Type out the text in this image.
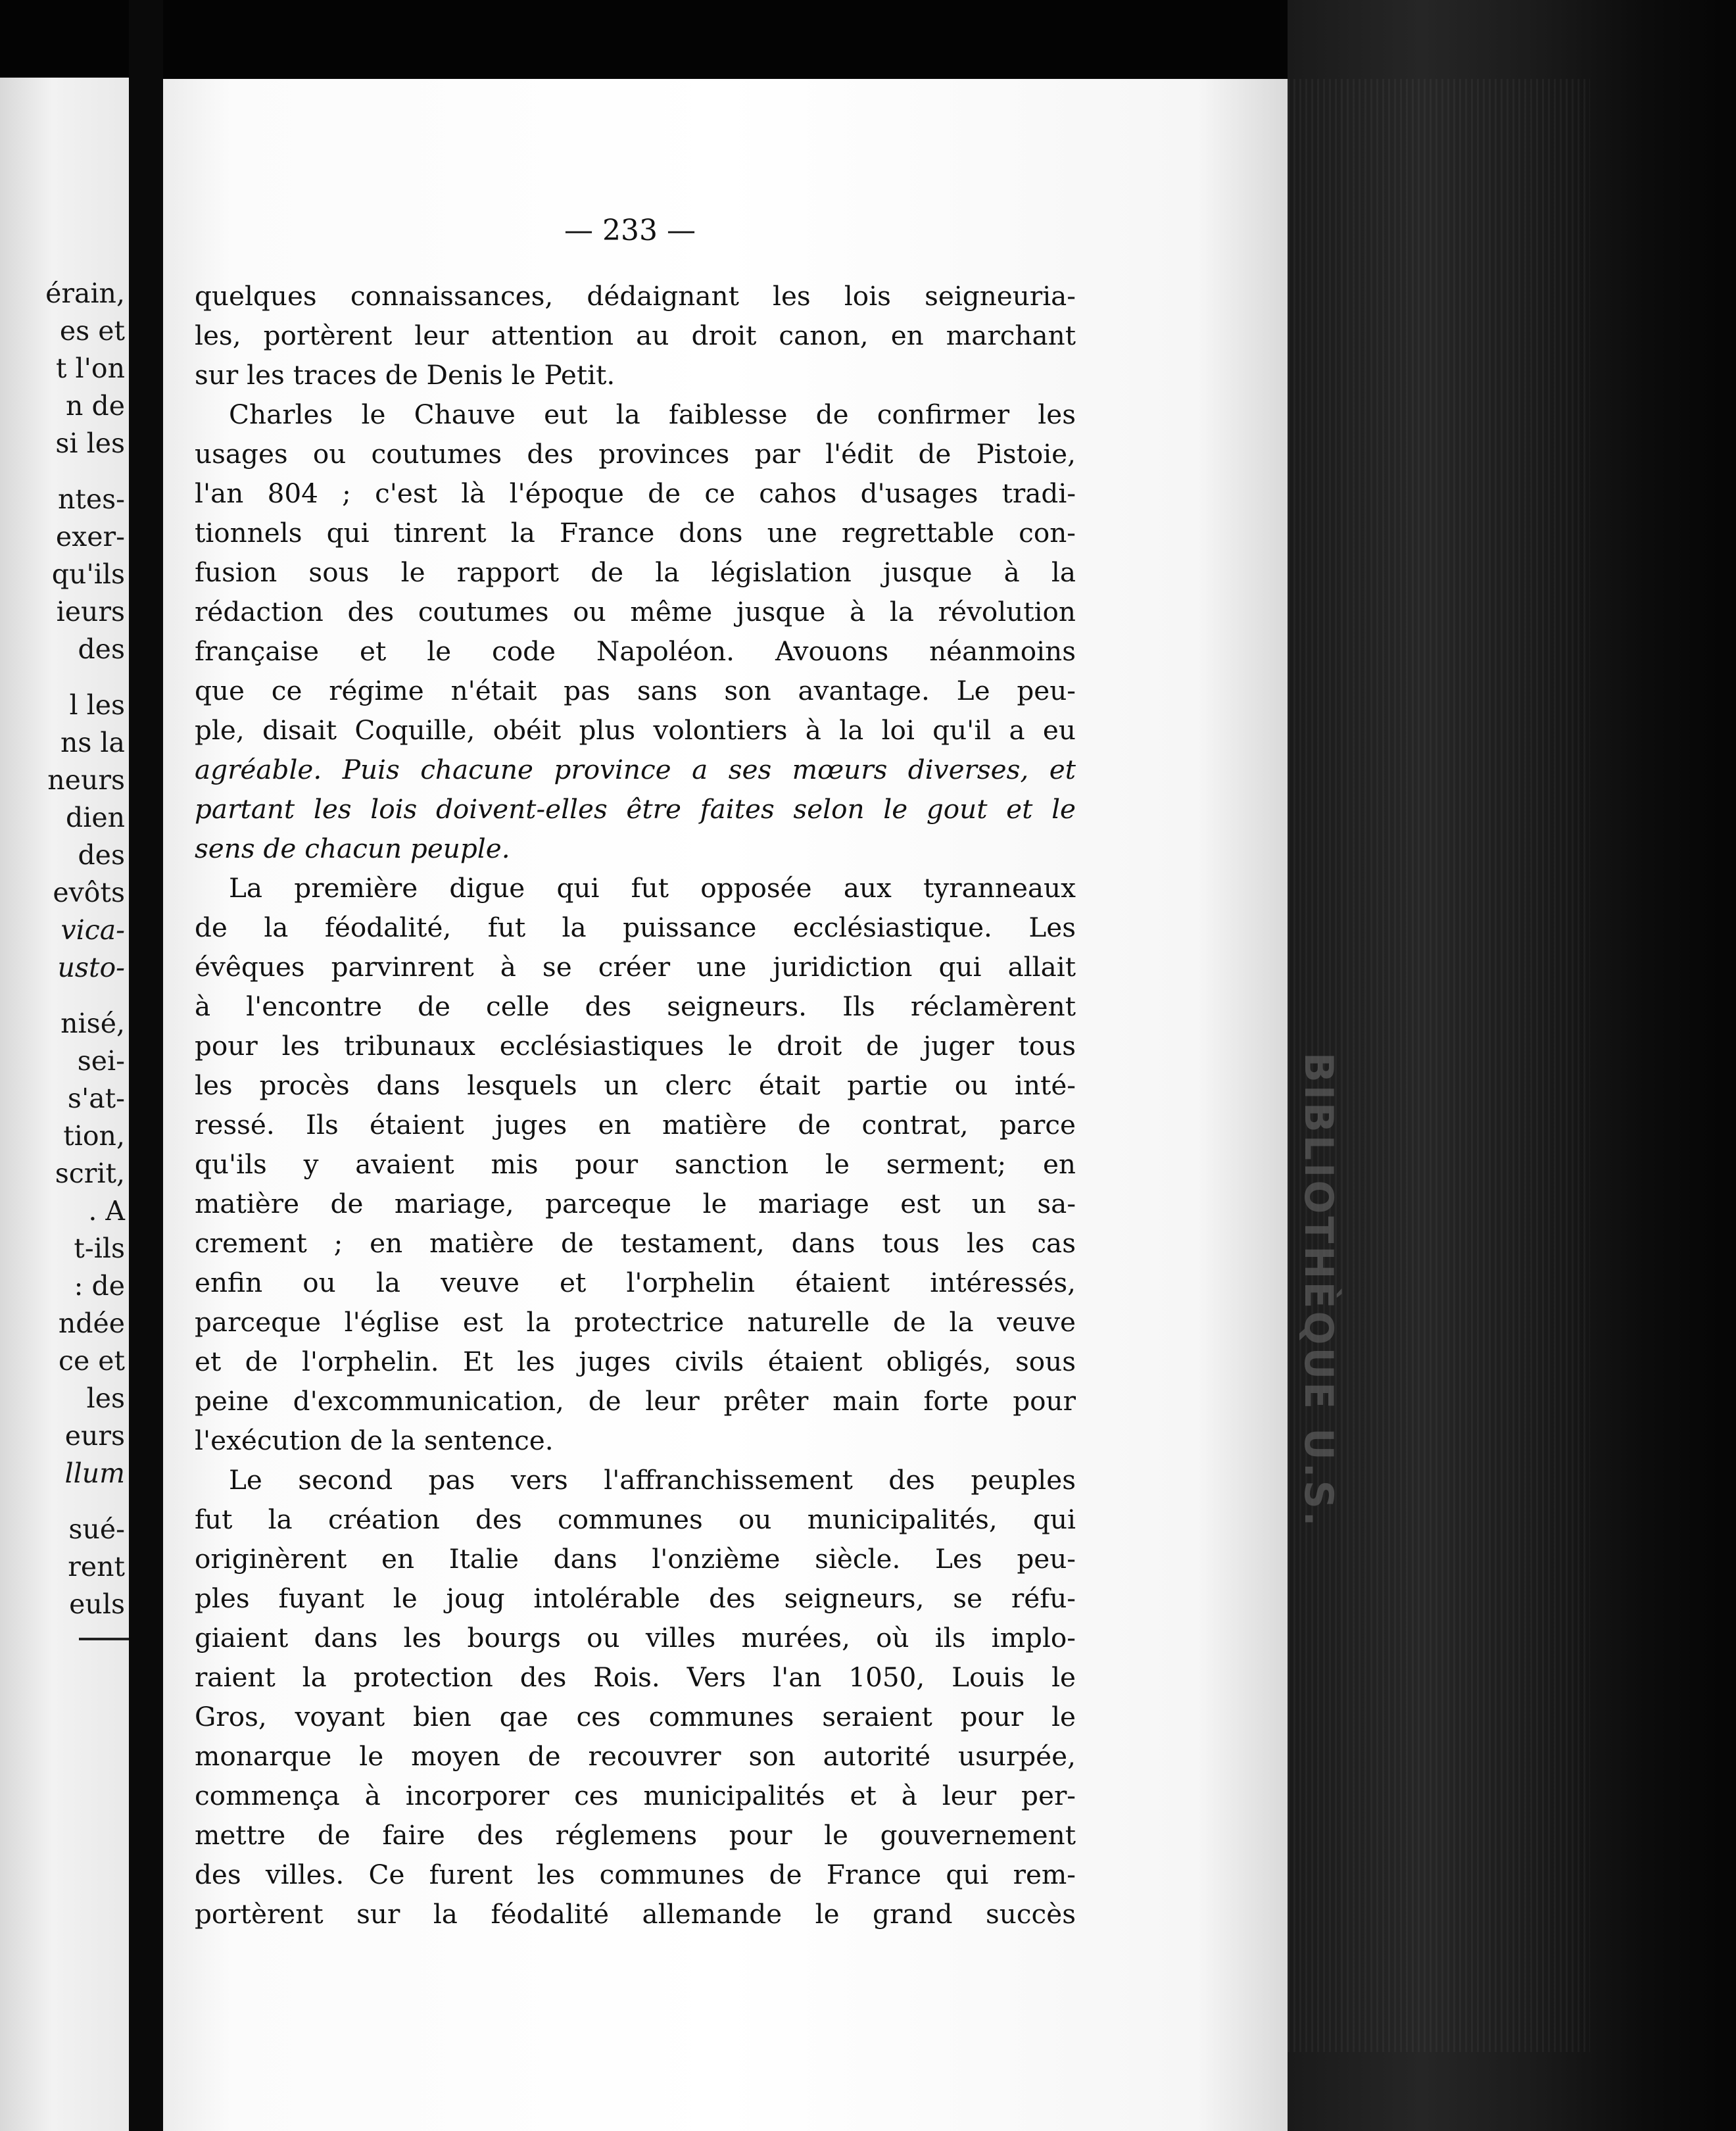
érain,
es et
t l'on
n de
si les
ntes-
exer-
qu'ils
ieurs
des
l les
ns la
neurs
dien
des
evôts
vica-
usto-
nisé,
sei-
s'at-
tion,
scrit,
. A
t-ils
: de
ndée
ce et
les
eurs
llum
sué-
rent
euls
— 233 —
quelques connaissances, dédaignant les lois seigneuria-
les, portèrent leur attention au droit canon, en marchant
sur les traces de Denis le Petit.
Charles le Chauve eut la faiblesse de confirmer les
usages ou coutumes des provinces par l'édit de Pistoie,
l'an 804 ; c'est là l'époque de ce cahos d'usages tradi-
tionnels qui tinrent la France dons une regrettable con-
fusion sous le rapport de la législation jusque à la
rédaction des coutumes ou même jusque à la révolution
française et le code Napoléon. Avouons néanmoins
que ce régime n'était pas sans son avantage. Le peu-
ple, disait Coquille, obéit plus volontiers à la loi qu'il a eu
agréable. Puis chacune province a ses mœurs diverses, et
partant les lois doivent-elles être faites selon le gout et le
sens de chacun peuple.
La première digue qui fut opposée aux tyranneaux
de la féodalité, fut la puissance ecclésiastique. Les
évêques parvinrent à se créer une juridiction qui allait
à l'encontre de celle des seigneurs. Ils réclamèrent
pour les tribunaux ecclésiastiques le droit de juger tous
les procès dans lesquels un clerc était partie ou inté-
ressé. Ils étaient juges en matière de contrat, parce
qu'ils y avaient mis pour sanction le serment; en
matière de mariage, parceque le mariage est un sa-
crement ; en matière de testament, dans tous les cas
enfin ou la veuve et l'orphelin étaient intéressés,
parceque l'église est la protectrice naturelle de la veuve
et de l'orphelin. Et les juges civils étaient obligés, sous
peine d'excommunication, de leur prêter main forte pour
l'exécution de la sentence.
Le second pas vers l'affranchissement des peuples
fut la création des communes ou municipalités, qui
originèrent en Italie dans l'onzième siècle. Les peu-
ples fuyant le joug intolérable des seigneurs, se réfu-
giaient dans les bourgs ou villes murées, où ils implo-
raient la protection des Rois. Vers l'an 1050, Louis le
Gros, voyant bien qae ces communes seraient pour le
monarque le moyen de recouvrer son autorité usurpée,
commença à incorporer ces municipalités et à leur per-
mettre de faire des réglemens pour le gouvernement
des villes. Ce furent les communes de France qui rem-
portèrent sur la féodalité allemande le grand succès
